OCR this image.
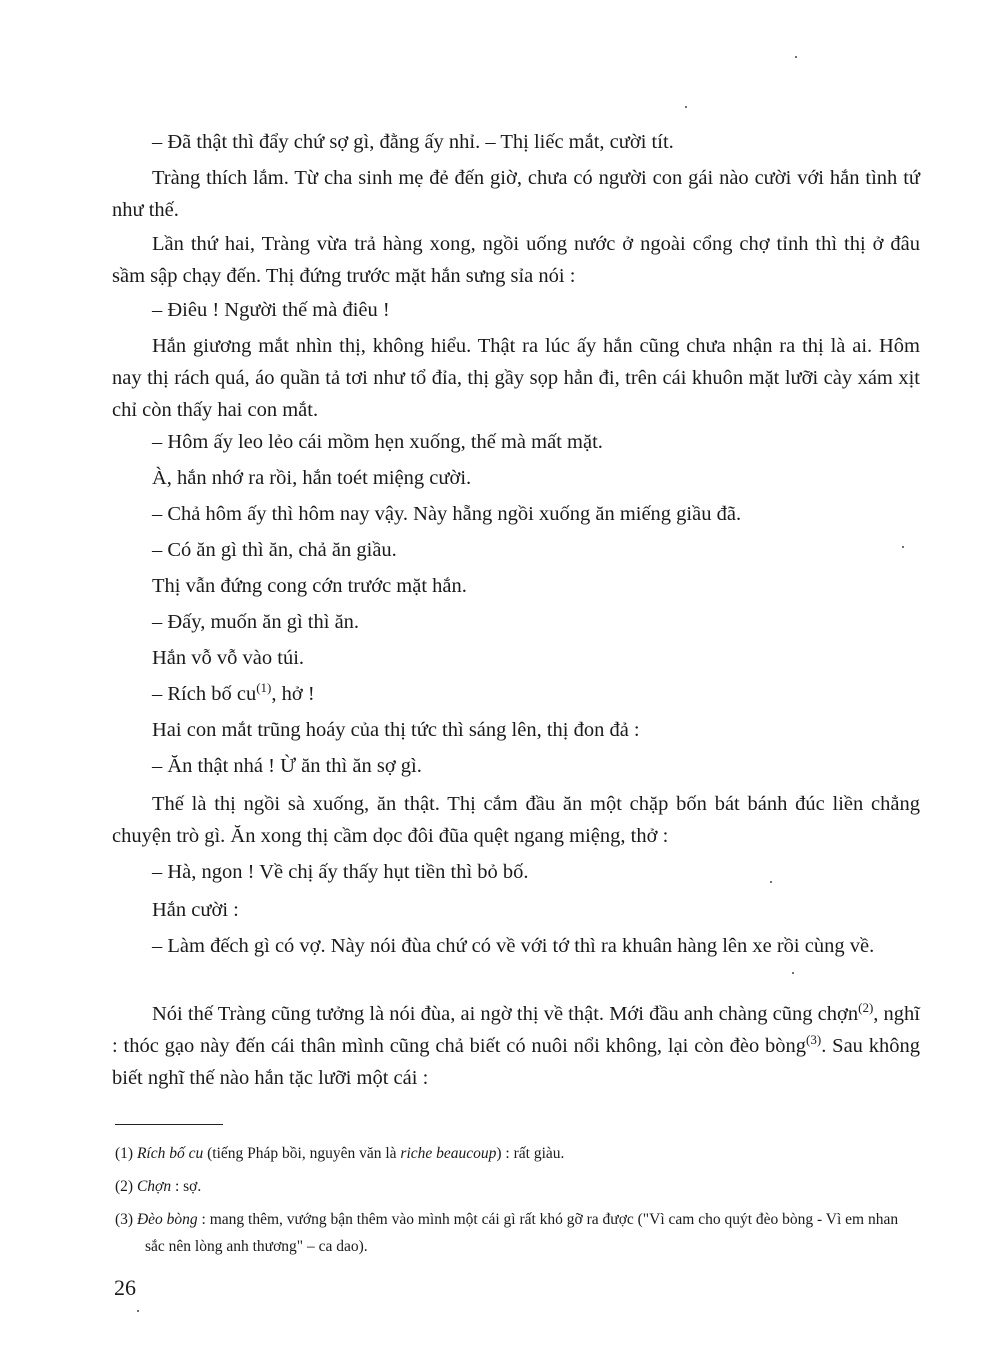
– Đã thật thì đẩy chứ sợ gì, đằng ấy nhỉ. – Thị liếc mắt, cười tít.

Tràng thích lắm. Từ cha sinh mẹ đẻ đến giờ, chưa có người con gái nào cười với hắn tình tứ như thế.

Lần thứ hai, Tràng vừa trả hàng xong, ngồi uống nước ở ngoài cổng chợ tỉnh thì thị ở đâu sầm sập chạy đến. Thị đứng trước mặt hắn sưng sỉa nói :

– Điêu ! Người thế mà điêu !

Hắn giương mắt nhìn thị, không hiểu. Thật ra lúc ấy hắn cũng chưa nhận ra thị là ai. Hôm nay thị rách quá, áo quần tả tơi như tổ đỉa, thị gầy sọp hẳn đi, trên cái khuôn mặt lưỡi cày xám xịt chỉ còn thấy hai con mắt.

– Hôm ấy leo lẻo cái mồm hẹn xuống, thế mà mất mặt.

À, hắn nhớ ra rồi, hắn toét miệng cười.

– Chả hôm ấy thì hôm nay vậy. Này hẵng ngồi xuống ăn miếng giầu đã.

– Có ăn gì thì ăn, chả ăn giầu.

Thị vẫn đứng cong cớn trước mặt hắn.

– Đấy, muốn ăn gì thì ăn.

Hắn vỗ vỗ vào túi.

– Rích bố $cu^{(1)}$, hở !

Hai con mắt trũng hoáy của thị tức thì sáng lên, thị đon đả :

– Ăn thật nhá ! Ừ ăn thì ăn sợ gì.

Thế là thị ngồi sà xuống, ăn thật. Thị cắm đầu ăn một chặp bốn bát bánh đúc liền chẳng chuyện trò gì. Ăn xong thị cầm dọc đôi đũa quệt ngang miệng, thở :

– Hà, ngon ! Về chị ấy thấy hụt tiền thì bỏ bố.

Hắn cười :

– Làm đếch gì có vợ. Này nói đùa chứ có về với tớ thì ra khuân hàng lên xe rồi cùng về.

Nói thế Tràng cũng tưởng là nói đùa, ai ngờ thị về thật. Mới đầu anh chàng cũng chợn$^{(2)}$, nghĩ : thóc gạo này đến cái thân mình cũng chả biết có nuôi nổi không, lại còn đèo bòng$^{(3)}$. Sau không biết nghĩ thế nào hắn tặc lưỡi một cái :

(1) Rích bố cu (tiếng Pháp bồi, nguyên văn là riche beaucoup) : rất giàu.

(2) Chợn : sợ.

(3) Đèo bòng : mang thêm, vướng bận thêm vào mình một cái gì rất khó gỡ ra được ("Vì cam cho quýt đèo bòng - Vì em nhan sắc nên lòng anh thương" – ca dao).

26
